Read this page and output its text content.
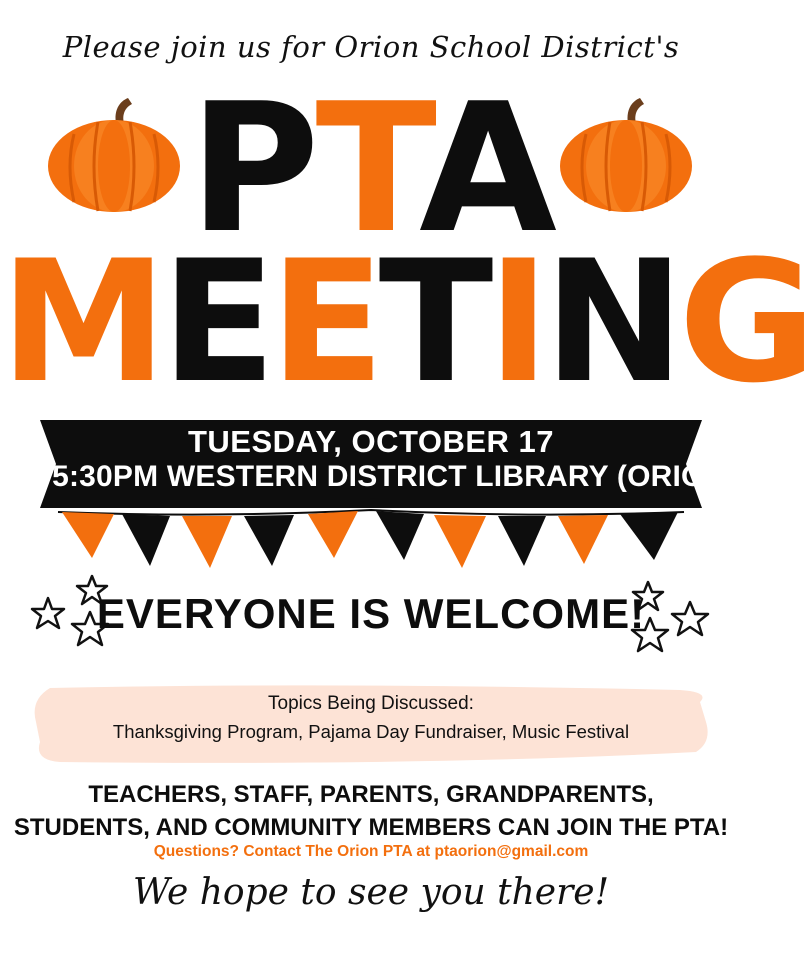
Please join us for Orion School District's
PTA
MEETING
TUESDAY, OCTOBER 17
AT 5:30PM WESTERN DISTRICT LIBRARY (ORION)
EVERYONE IS WELCOME!
Topics Being Discussed:
Thanksgiving Program, Pajama Day Fundraiser, Music Festival
TEACHERS, STAFF, PARENTS, GRANDPARENTS,
STUDENTS, AND COMMUNITY MEMBERS CAN JOIN THE PTA!
Questions? Contact The Orion PTA at ptaorion@gmail.com
We hope to see you there!
